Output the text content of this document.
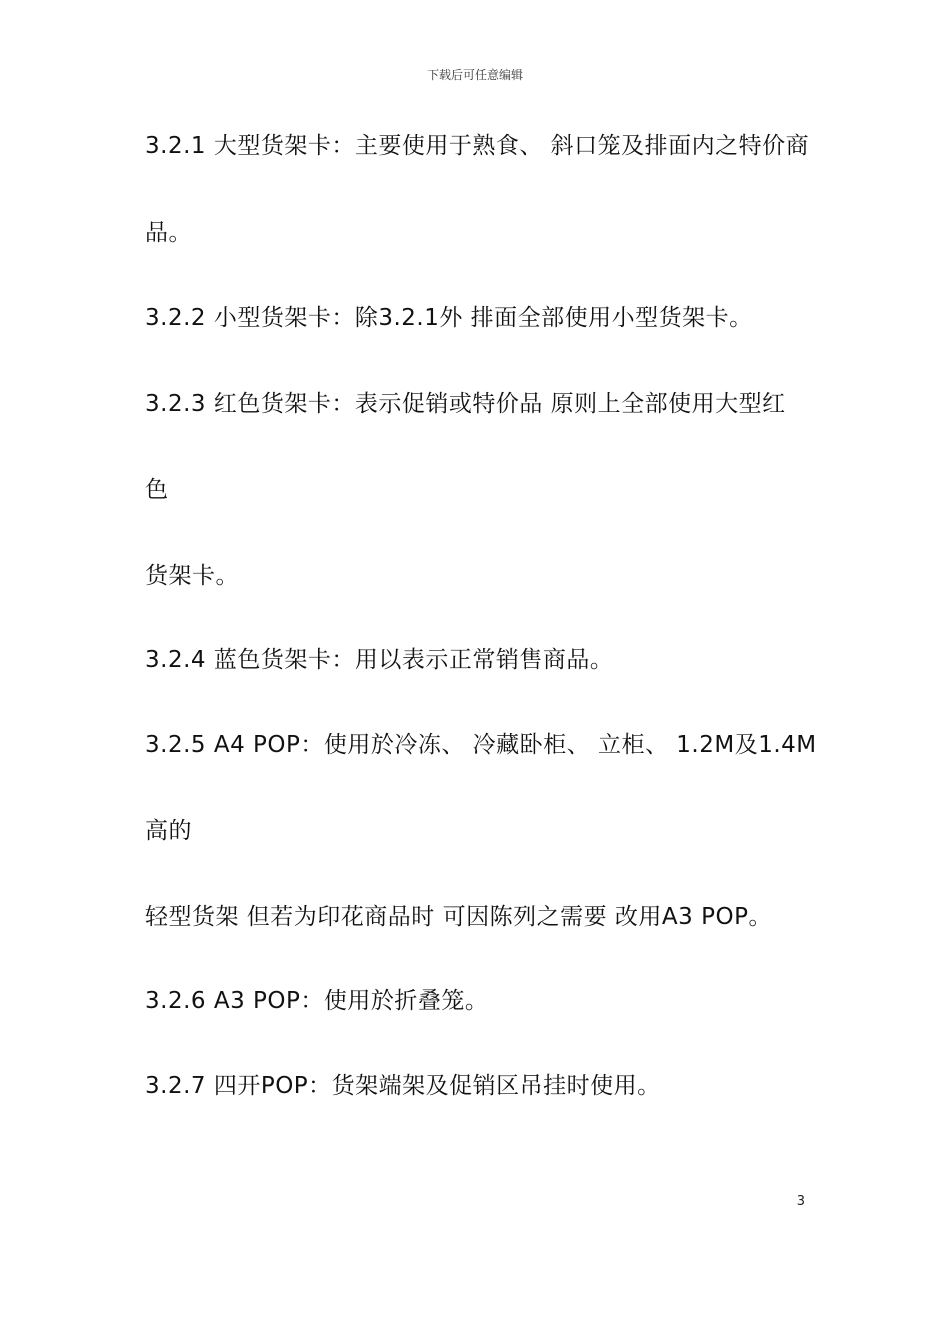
下载后可任意编辑
3.2.1 大型货架卡：主要使用于熟食、 斜口笼及排面内之特价商
品。
3.2.2 小型货架卡：除3.2.1外 排面全部使用小型货架卡。
3.2.3 红色货架卡：表示促销或特价品 原则上全部使用大型红
色
货架卡。
3.2.4 蓝色货架卡：用以表示正常销售商品。
3.2.5 A4 POP：使用於冷冻、 冷藏卧柜、 立柜、 1.2M及1.4M
高的
轻型货架 但若为印花商品时 可因陈列之需要 改用A3 POP。
3.2.6 A3 POP：使用於折叠笼。
3.2.7 四开POP：货架端架及促销区吊挂时使用。
3
